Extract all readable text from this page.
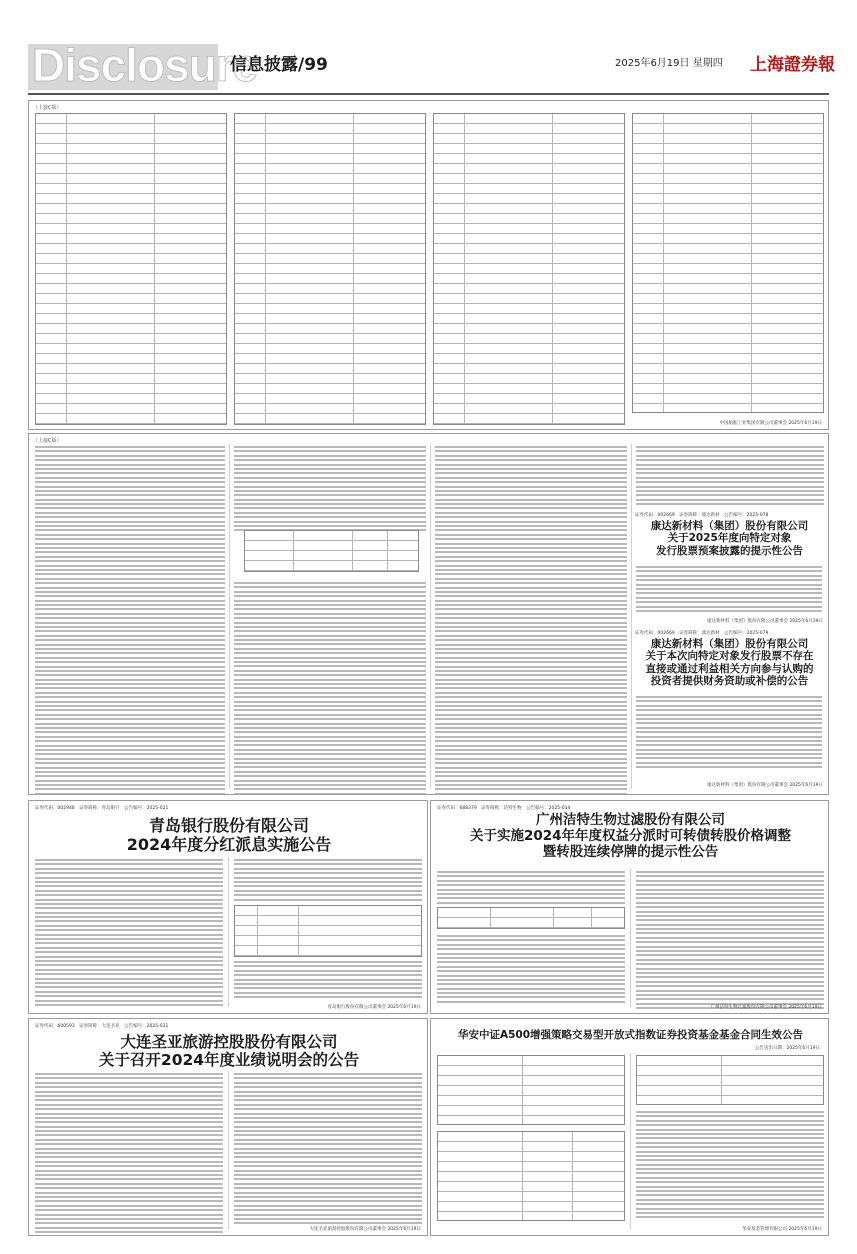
Disclosure
信息披露/99	2025年6月19日 星期四 上海證券報
（上接C版）
中国船舶工业集团有限公司董事会 2025年6月19日
（上接C版）
证券代码：002669　证券简称：康达新材　公告编号：2025-078
康达新材料（集团）股份有限公司
关于2025年度向特定对象
发行股票预案披露的提示性公告
康达新材料（集团）股份有限公司董事会 2025年6月19日
证券代码：002669　证券简称：康达新材　公告编号：2025-079
康达新材料（集团）股份有限公司
关于本次向特定对象发行股票不存在
直接或通过利益相关方向参与认购的
投资者提供财务资助或补偿的公告
康达新材料（集团）股份有限公司董事会 2025年6月19日
证券代码：002948　证券简称：青岛银行　公告编号：2025-021
青岛银行股份有限公司
2024年度分红派息实施公告
青岛银行股份有限公司董事会 2025年6月19日
证券代码：688379　证券简称：洁特生物　公告编号：2025-034
广州洁特生物过滤股份有限公司
关于实施2024年年度权益分派时可转债转股价格调整
暨转股连续停牌的提示性公告
广州洁特生物过滤股份有限公司董事会 2025年6月19日
证券代码：600593　证券简称：大连圣亚　公告编号：2025-031
大连圣亚旅游控股股份有限公司
关于召开2024年度业绩说明会的公告
大连圣亚旅游控股股份有限公司董事会 2025年6月19日
华安中证A500增强策略交易型开放式指数证券投资基金基金合同生效公告
公告送出日期：2025年6月19日
华安基金管理有限公司 2025年6月19日
